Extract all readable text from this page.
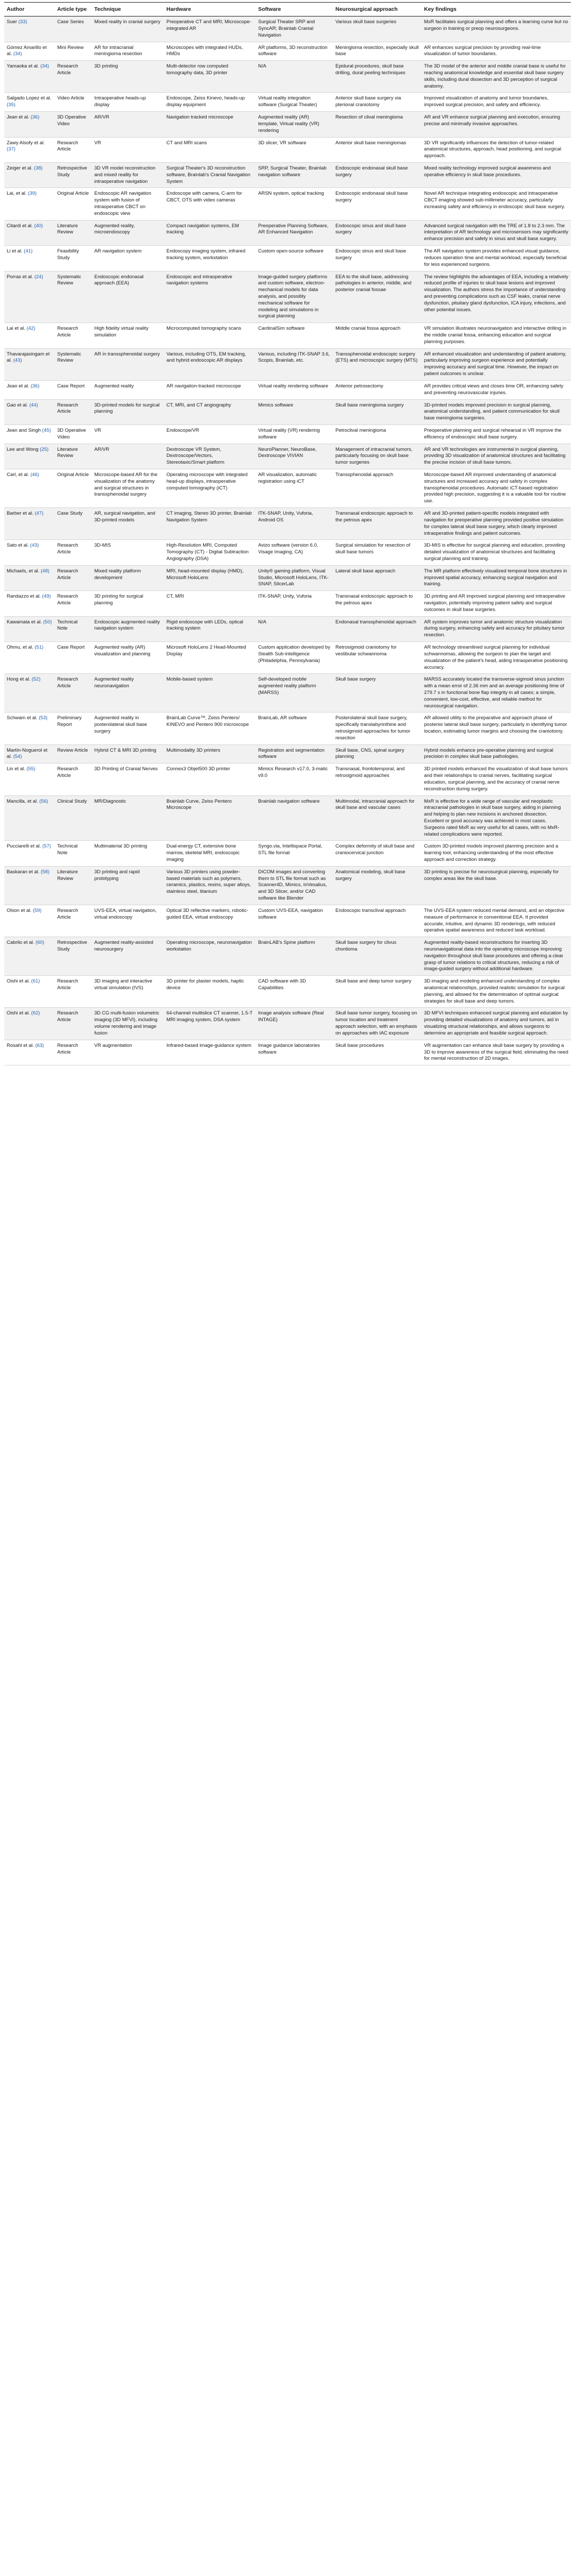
Author	Article type	Technique	Hardware	Software	Neurosurgical approach	Key findings
Suer (33)	Case Series	Mixed reality in cranial surgery	Preoperative CT and MRI; Microscope-integrated AR	Surgical Theater SRP and SyncAR; Brainlab Cranial Navigation	Various skull base surgeries	MxR facilitates surgical planning and offers a learning curve but no surgeon in training or preop neurosurgeons.
Gómez Amarillo et al. (34)	Mini Review	AR for intracranial meningioma resection	Microscopes with integrated HUDs, HMDs	AR platforms, 3D reconstruction software	Meningioma resection, especially skull base	AR enhances surgical precision by providing real-time visualization of tumor boundaries.
Yamaoka et al. (34)	Research Article	3D printing	Multi-detector row computed tomography data, 3D printer	N/A	Epidural procedures, skull base drilling, dural peeling techniques	The 3D model of the anterior and middle cranial base is useful for reaching anatomical knowledge and essential skull base surgery skills, including dural dissection and 3D perception of surgical anatomy.
Salgado Lopez et al. (35)	Video Article	Intraoperative heads-up display	Endoscope, Zeiss Kinevo, heads-up display equipment	Virtual reality integration software (Surgical Theater)	Anterior skull base surgery via pterional craniotomy	Improved visualization of anatomy and tumor boundaries, improved surgical precision, and safety and efficiency.
Jean et al. (36)	3D Operative Video	AR/VR	Navigation tracked microscope	Augmented reality (AR) template, Virtual reality (VR) rendering	Resection of clival meningioma	AR and VR enhance surgical planning and execution, ensuring precise and minimally invasive approaches.
Zawy Alsofy et al. (37)	Research Article	VR	CT and MRI scans	3D slicer, VR software	Anterior skull base meningiomas	3D VR significantly influences the detection of tumor-related anatomical structures, approach, head positioning, and surgical approach.
Zeiger et al. (38)	Retrospective Study	3D VR model reconstruction and mixed reality for intraoperative navigation	Surgical Theater's 3D reconstruction software, Brainlab's Cranial Navigation System	SRP, Surgical Theater, Brainlab navigation software	Endoscopic endonasal skull base surgery	Mixed reality technology improved surgical awareness and operative efficiency in skull base procedures.
Lai, et al. (39)	Original Article	Endoscopic AR navigation system with fusion of intraoperative CBCT on endoscopic view	Endoscope with camera, C-arm for CBCT, OTS with video cameras	ARSN system, optical tracking	Endoscopic endonasal skull base surgery	Novel AR technique integrating endoscopic and intraoperative CBCT imaging showed sub-millimeter accuracy, particularly increasing safety and efficiency in endoscopic skull base surgery.
Citardi et al. (40)	Literature Review	Augmented reality, microendoscopy	Compact navigation systems, EM tracking	Preoperative Planning Software, AR Enhanced Navigation	Endoscopic sinus and skull base surgery	Advanced surgical navigation with the TRE of 1.8 to 2.3 mm. The interpretation of AR technology and microsensors may significantly enhance precision and safety in sinus and skull base surgery.
Li et al. (41)	Feasibility Study	AR navigation system	Endoscopy imaging system, infrared tracking system, workstation	Custom open-source software	Endoscopic sinus and skull base surgery	The AR navigation system provides enhanced visual guidance, reduces operation time and mental workload, especially beneficial for less experienced surgeons.
Porras et al. (24)	Systematic Review	Endoscopic endonasal approach (EEA)	Endoscopic and intraoperative navigation systems	Image-guided surgery platforms and custom software, electron-mechanical models for data analysis, and possibly mechanical software for modeling and simulations in surgical planning	EEA to the skull base, addressing pathologies in anterior, middle, and posterior cranial fossae	The review highlights the advantages of EEA, including a relatively reduced profile of injuries to skull base lesions and improved visualization. The authors stress the importance of understanding and preventing complications such as CSF leaks, cranial nerve dysfunction, pituitary gland dysfunction, ICA injury, infections, and other potential issues.
Lai et al. (42)	Research Article	High fidelity virtual reality simulation	Microcomputed tomography scans	CardinalSim software	Middle cranial fossa approach	VR simulation illustrates neuronavigation and interactive drilling in the middle cranial fossa, enhancing education and surgical planning purposes.
Thavarajasingam et al. (43)	Systematic Review	AR in transsphenoidal surgery	Various, including OTS, EM tracking, and hybrid endoscopic AR displays	Various, including ITK-SNAP 3.6, Scopis, Brainlab, etc.	Transsphenoidal endoscopic surgery (ETS) and microscopic surgery (MTS)	AR enhanced visualization and understanding of patient anatomy, particularly improving surgeon experience and potentially improving accuracy and surgical time. However, the impact on patient outcomes is unclear.
Jean et al. (36)	Case Report	Augmented reality	AR navigation-tracked microscope	Virtual reality rendering software	Anterior petrosectomy	AR provides critical views and closes time OR, enhancing safety and preventing neurovascular injuries.
Gao et al. (44)	Research Article	3D-printed models for surgical planning	CT, MRI, and CT angiography	Mimics software	Skull base meningioma surgery	3D-printed models improved precision in surgical planning, anatomical understanding, and patient communication for skull base meningioma surgeries.
Jean and Singh (45)	3D Operative Video	VR	Endoscope/VR	Virtual reality (VR) rendering software	Petroclival meningioma	Preoperative planning and surgical rehearsal in VR improve the efficiency of endoscopic skull base surgery.
Lee and Wong (25)	Literature Review	AR/VR	Dextroscope VR System, Dextroscope/Vectors, Stereotaxic/Smart platform	NeuroPlanner, NeuroBase, Dextroscope VIVIAN	Management of intracranial tumors, particularly focusing on skull base tumor surgeries	AR and VR technologies are instrumental in surgical planning, providing 3D visualization of anatomical structures and facilitating the precise incision of skull base tumors.
Carl, et al. (46)	Original Article	Microscope-based AR for the visualization of the anatomy and surgical structures in transsphenoidal surgery	Operating microscope with integrated head-up displays, intraoperative computed tomography (iCT)	AR visualization, automatic registration using iCT	Transsphenoidal approach	Microscope-based AR improved understanding of anatomical structures and increased accuracy and safety in complex transsphenoidal procedures. Automatic iCT-based registration provided high precision, suggesting it is a valuable tool for routine use.
Barber et al. (47)	Case Study	AR, surgical navigation, and 3D-printed models	CT imaging, Stereo 3D printer, Brainlab Navigation System	ITK-SNAP, Unity, Vuforia, Android OS	Transnasal endoscopic approach to the petrous apex	AR and 3D-printed patient-specific models integrated with navigation for preoperative planning provided positive simulation for complex lateral skull base surgery, which clearly improved intraoperative findings and patient outcomes.
Sato et al. (43)	Research Article	3D-MIS	High-Resolution MRI, Computed Tomography (CT) - Digital Subtraction Angiography (DSA)	Avizo software (version 6.0, Visage Imaging, CA)	Surgical simulation for resection of skull base tumors	3D-MIS is effective for surgical planning and education, providing detailed visualization of anatomical structures and facilitating surgical planning and training.
Michaels, et al. (48)	Research Article	Mixed reality platform development	MRI, head-mounted display (HMD), Microsoft HoloLens	Unity® gaming platform, Visual Studio, Microsoft HoloLens, ITK-SNAP, SlicerLab	Lateral skull base approach	The MR platform effectively visualized temporal bone structures in improved spatial accuracy, enhancing surgical navigation and training.
Randazzo et al. (49)	Research Article	3D printing for surgical planning	CT, MRI	ITK-SNAP, Unity, Vuforia	Transnasal endoscopic approach to the petrous apex	3D printing and AR improved surgical planning and intraoperative navigation, potentially improving patient safety and surgical outcomes in skull base surgeries.
Kawamata et al. (50)	Technical Note	Endoscopic augmented reality navigation system	Rigid endoscope with LEDs, optical tracking system	N/A	Endonasal transsphenoidal approach	AR system improves tumor and anatomic structure visualization during surgery, enhancing safety and accuracy for pituitary tumor resection.
Ohmu, et al. (51)	Case Report	Augmented reality (AR) visualization and planning	Microsoft HoloLens 2 Head-Mounted Display	Custom application developed by Stealth Sub-intelligence (Philadelphia, Pennsylvania)	Retrosigmoid craniotomy for vestibular schwannoma	AR technology streamlined surgical planning for individual schwannomas, allowing the surgeon to plan the target and visualization of the patient's head, aiding intraoperative positioning accuracy.
Hong et al. (52)	Research Article	Augmented reality neuronavigation	Mobile-based system	Self-developed mobile augmented reality platform (MARSS)	Skull base surgery	MARSS accurately located the transverse-sigmoid sinus junction with a mean error of 2.36 mm and an average positioning time of 279.7 s in functional bone flap integrity in all cases; a simple, convenient, low-cost, effective, and reliable method for neurosurgical navigation.
Schwam et al. (53)	Preliminary Report	Augmented reality in posterolateral skull base surgery	BrainLab Curve™, Zeiss Pentero/ KINEVO and Pentero 900 microscope	BrainLab, AR software	Posterolateral skull base surgery, specifically translabyrinthine and retrosigmoid approaches for tumor resection	AR allowed utility to the preparative and approach phase of posterior lateral skull base surgery, particularly in identifying tumor location, estimating tumor margins and choosing the craniotomy.
Martín-Noguerol et al. (54)	Review Article	Hybrid CT & MRI 3D printing	Multimodality 3D printers	Registration and segmentation software	Skull base, CNS, spinal surgery planning	Hybrid models enhance pre-operative planning and surgical precision in complex skull base pathologies.
Lin et al. (55)	Research Article	3D Printing of Cranial Nerves	Connex3 Objet500 3D printer	Mimics Research v17.0, 3-matic v9.0	Transnasal, frontotemporal, and retrosigmoid approaches	3D printed models enhanced the visualization of skull base tumors and their relationships to cranial nerves, facilitating surgical education, surgical planning, and the accuracy of cranial nerve reconstruction during surgery.
Mancilla, et al. (56)	Clinical Study	MR/Diagnostic	Brainlab Curve, Zeiss Pentero Microscope	Brainlab navigation software	Multimodal, intracranial approach for skull base and vascular cases	MxR is effective for a wide range of vascular and neoplastic intracranial pathologies in skull base surgery, aiding in planning and helping to plan new incisions in anchored dissection. Excellent or good accuracy was achieved in most cases. Surgeons rated MxR as very useful for all cases, with no MxR-related complications were reported.
Pucciarelli et al. (57)	Technical Note	Multimaterial 3D printing	Dual-energy CT, extensive bone marrow, skeletal MRI, endoscopic imaging	Syngo.via, Intellispace Portal, STL file format	Complex deformity of skull base and craniocervical junction	Custom 3D-printed models improved planning precision and a learning tool, enhancing understanding of the most effective approach and correction strategy.
Baskaran et al. (58)	Literature Review	3D printing and rapid prototyping	Various 3D printers using powder-based materials such as polymers, ceramics, plastics, resins, super alloys, stainless steel, titanium	DICOM images and converting them to STL file format such as Scanner4D, Mimics, InVesalius, and 3D Slicer, and/or CAD software like Blender	Anatomical modeling, skull base surgery	3D printing is precise for neurosurgical planning, especially for complex areas like the skull base.
Olson et al. (59)	Research Article	UVS-EEA, virtual navigation, virtual endoscopy	Optical 3D reflective markers, robotic-guided EEA, virtual endoscopy	Custom UVS-EEA, navigation software	Endoscopic transclival approach	The UVS-EEA system reduced mental demand, and an objective measure of performance in conventional EEA. It provided accurate, intuitive, and dynamic 3D renderings, with reduced operative spatial awareness and reduced task workload.
Cabrilo et al. (60)	Retrospective Study	Augmented reality-assisted neurosurgery	Operating microscope, neuronavigation workstation	BrainLAB's Spine platform	Skull base surgery for clivus chordoma	Augmented reality-based reconstructions for inserting 3D neuronavigational data into the operating microscope improving navigation throughout skull base procedures and offering a clear grasp of tumor relations to critical structures, reducing a risk of image-guided surgery without additional hardware.
Oishi et al. (61)	Research Article	3D imaging and interactive virtual simulation (IVS)	3D printer for plaster models, haptic device	CAD software with 3D Capabilities	Skull base and deep tumor surgery	3D imaging and modeling enhanced understanding of complex anatomical relationships, provided realistic simulation for surgical planning, and allowed for the determination of optimal surgical strategies for skull base and deep tumors.
Oishi et al. (62)	Research Article	3D CG multi-fusion volumetric imaging (3D MFVI), including volume rendering and image fusion	64-channel multislice CT scanner, 1.5-T MRI imaging system, DSA system	Image analysis software (Real INTAGE)	Skull base tumor surgery, focusing on tumor location and treatment approach selection, with an emphasis on approaches with IAC exposure	3D MFVI techniques enhanced surgical planning and education by providing detailed visualizations of anatomy and tumors, aid in visualizing structural relationships, and allows surgeons to determine an appropriate and feasible surgical approach.
Rosahl et al. (63)	Research Article	VR augmentation	Infrared-based image-guidance system	Image guidance laboratories software	Skull base procedures	VR augmentation can enhance skull base surgery by providing a 3D to improve awareness of the surgical field, eliminating the need for mental reconstruction of 2D images.
